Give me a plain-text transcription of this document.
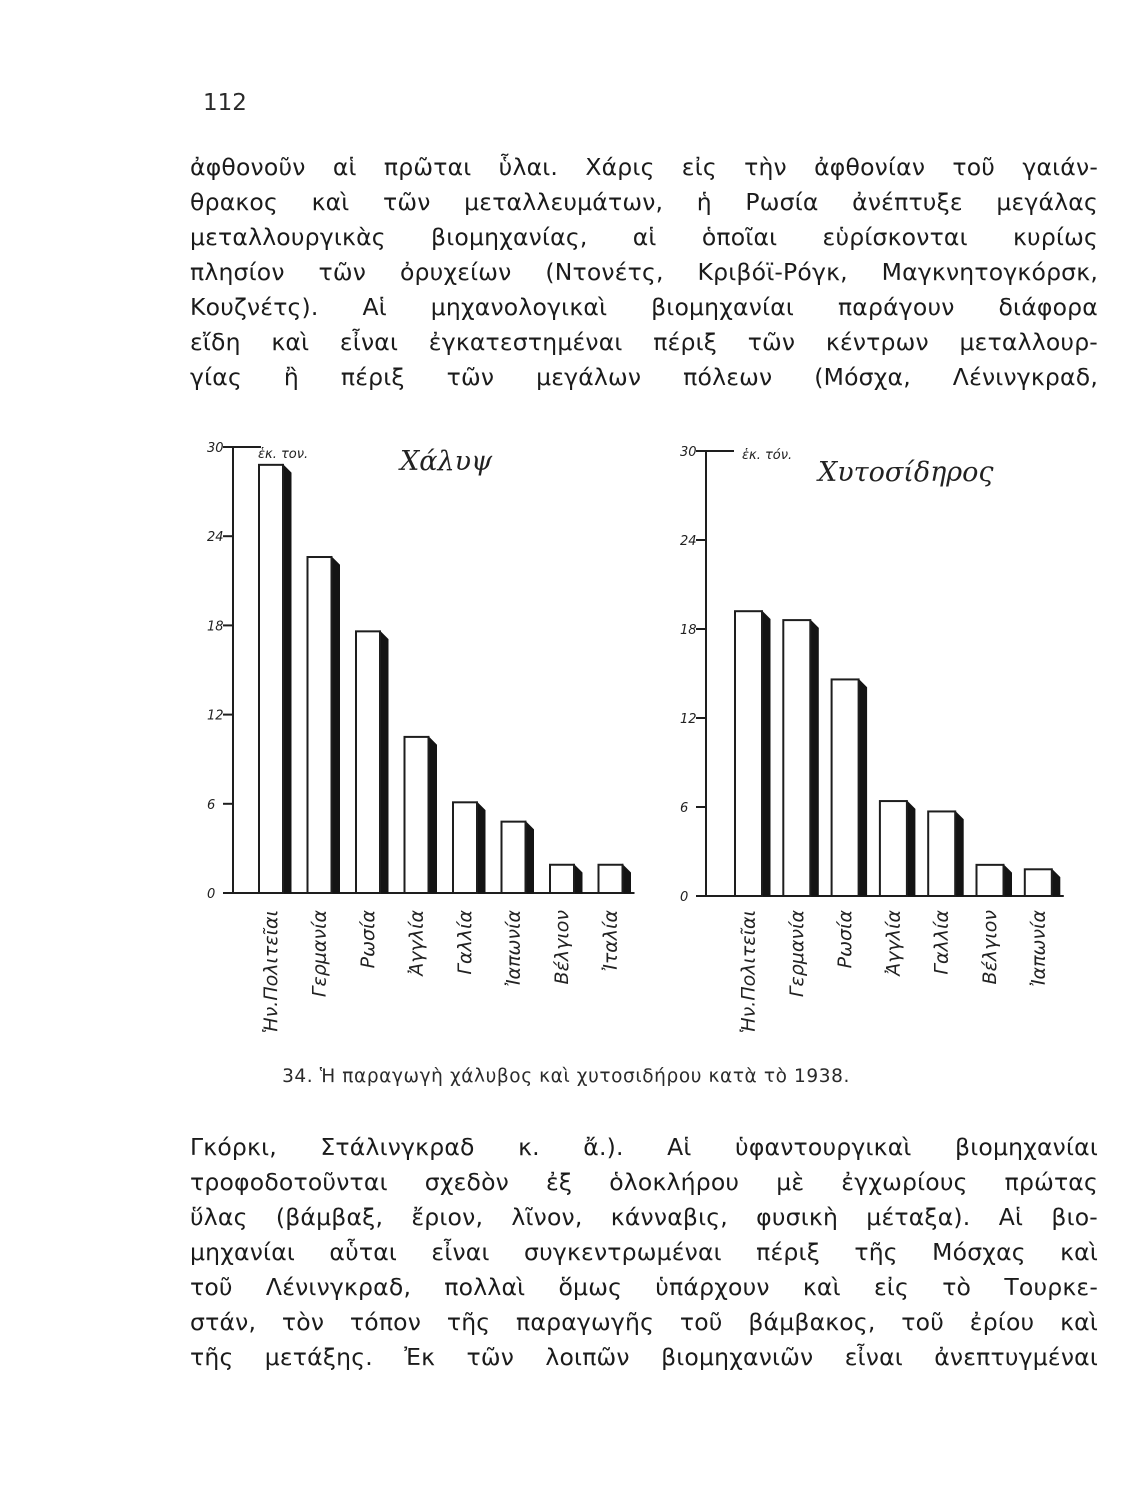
112
ἀφθονοῦν αἱ πρῶται ὗλαι. Χάρις εἰς τὴν ἀφθονίαν τοῦ γαιάν-
θρακος καὶ τῶν μεταλλευμάτων, ἡ Ρωσία ἀνέπτυξε μεγάλας
μεταλλουργικὰς βιομηχανίας, αἱ ὁποῖαι εὑρίσκονται κυρίως
πλησίον τῶν ὀρυχείων (Ντονέτς, Κριβόϊ-Ρόγκ, Μαγκνητογκόρσκ,
Κουζνέτς). Αἱ μηχανολογικαὶ βιομηχανίαι παράγουν διάφορα
εἴδη καὶ εἶναι ἐγκατεστημέναι πέριξ τῶν κέντρων μεταλλουρ-
γίας ἢ πέριξ τῶν μεγάλων πόλεων (Μόσχα, Λένινγκραδ,
Χάλυψ
ἑκ. τον.
0
6
12
18
24
30
Ἡν.Πολιτεῖαι Γερμανία Ρωσία Ἀγγλία Γαλλία Ἰαπωνία Βέλγιον Ἰταλία
Χυτοσίδηρος
ἑκ. τόν.
0
6
12
18
24
30
Ἡν.Πολιτεῖαι Γερμανία Ρωσία Ἀγγλία Γαλλία Βέλγιον Ἰαπωνία
34. Ἡ παραγωγὴ χάλυβος καὶ χυτοσιδήρου κατὰ τὸ 1938.
Γκόρκι, Στάλινγκραδ κ. ἄ.). Αἱ ὑφαντουργικαὶ βιομηχανίαι
τροφοδοτοῦνται σχεδὸν ἐξ ὁλοκλήρου μὲ ἐγχωρίους πρώτας
ὕλας (βάμβαξ, ἔριον, λῖνον, κάνναβις, φυσικὴ μέταξα). Αἱ βιο-
μηχανίαι αὗται εἶναι συγκεντρωμέναι πέριξ τῆς Μόσχας καὶ
τοῦ Λένινγκραδ, πολλαὶ ὅμως ὑπάρχουν καὶ εἰς τὸ Τουρκε-
στάν, τὸν τόπον τῆς παραγωγῆς τοῦ βάμβακος, τοῦ ἐρίου καὶ
τῆς μετάξης. Ἐκ τῶν λοιπῶν βιομηχανιῶν εἶναι ἀνεπτυγμέναι
